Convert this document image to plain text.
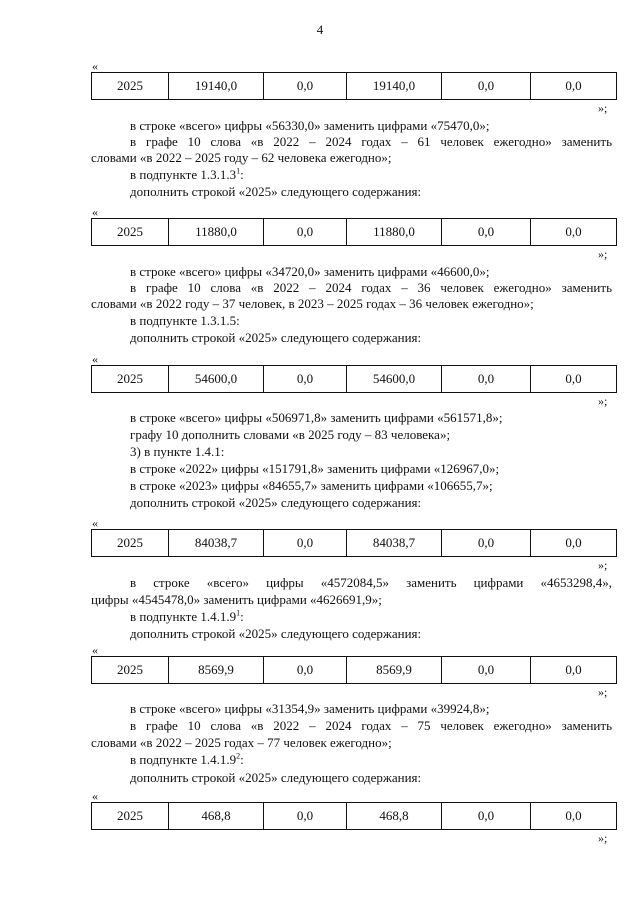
4
«
2025	19140,0	0,0	19140,0	0,0	0,0
»;
в строке «всего» цифры «56330,0» заменить цифрами «75470,0»;
в графе 10 слова «в 2022 – 2024 годах – 61 человек ежегодно» заменить
словами «в 2022 – 2025 году – 62 человека ежегодно»;
в подпункте 1.3.1.3$^1$:
дополнить строкой «2025» следующего содержания:
«
2025	11880,0	0,0	11880,0	0,0	0,0
»;
в строке «всего» цифры «34720,0» заменить цифрами «46600,0»;
в графе 10 слова «в 2022 – 2024 годах – 36 человек ежегодно» заменить
словами «в 2022 году – 37 человек, в 2023 – 2025 годах – 36 человек ежегодно»;
в подпункте 1.3.1.5:
дополнить строкой «2025» следующего содержания:
«
2025	54600,0	0,0	54600,0	0,0	0,0
»;
в строке «всего» цифры «506971,8» заменить цифрами «561571,8»;
графу 10 дополнить словами «в 2025 году – 83 человека»;
3) в пункте 1.4.1:
в строке «2022» цифры «151791,8» заменить цифрами «126967,0»;
в строке «2023» цифры «84655,7» заменить цифрами «106655,7»;
дополнить строкой «2025» следующего содержания:
«
2025	84038,7	0,0	84038,7	0,0	0,0
»;
в строке «всего» цифры «4572084,5» заменить цифрами «4653298,4»,
цифры «4545478,0» заменить цифрами «4626691,9»;
в подпункте 1.4.1.9$^1$:
дополнить строкой «2025» следующего содержания:
«
2025	8569,9	0,0	8569,9	0,0	0,0
»;
в строке «всего» цифры «31354,9» заменить цифрами «39924,8»;
в графе 10 слова «в 2022 – 2024 годах – 75 человек ежегодно» заменить
словами «в 2022 – 2025 годах – 77 человек ежегодно»;
в подпункте 1.4.1.9$^2$:
дополнить строкой «2025» следующего содержания:
«
2025	468,8	0,0	468,8	0,0	0,0
»;
